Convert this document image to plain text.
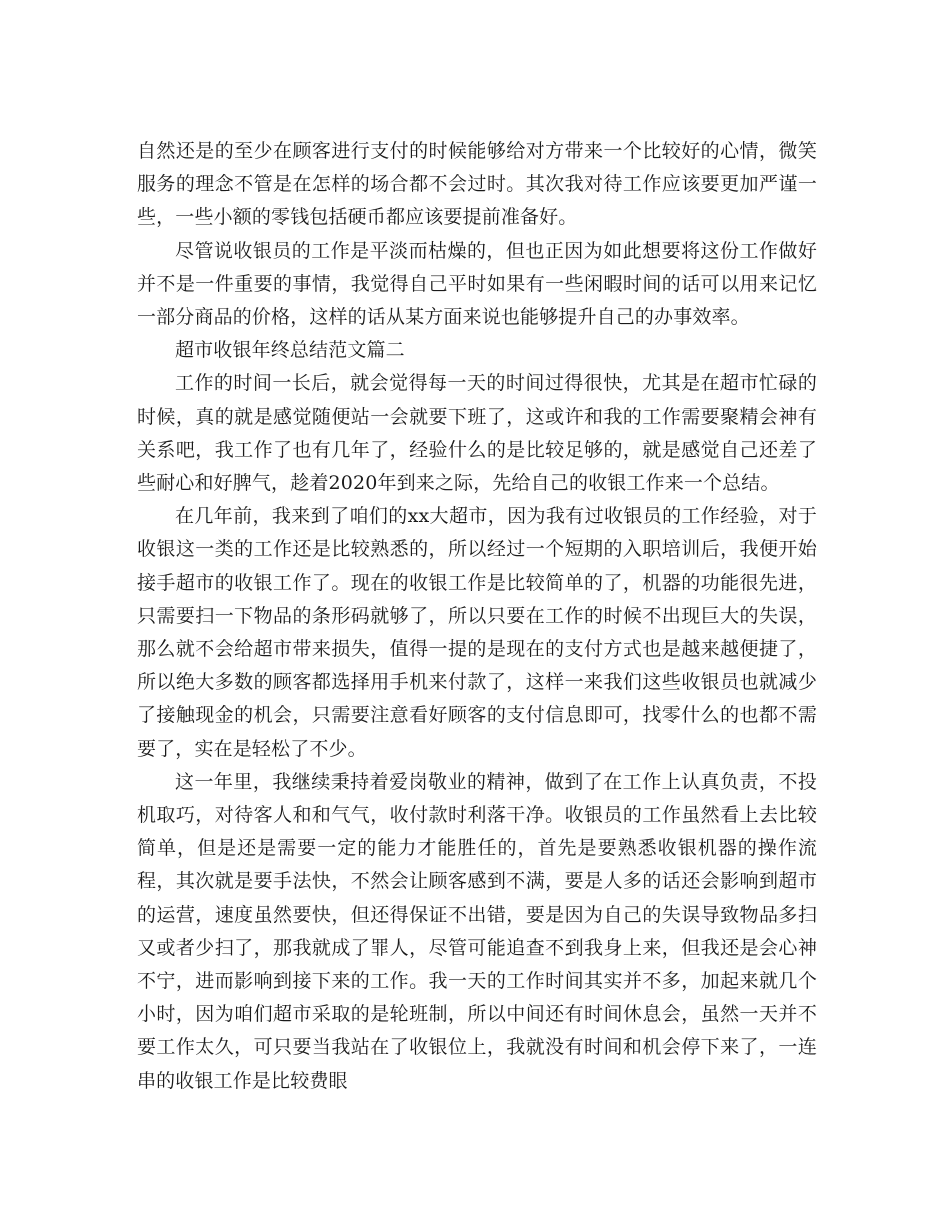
自然还是的至少在顾客进行支付的时候能够给对方带来一个比较好的心情，微笑服务的理念不管是在怎样的场合都不会过时。其次我对待工作应该要更加严谨一些，一些小额的零钱包括硬币都应该要提前准备好。

尽管说收银员的工作是平淡而枯燥的，但也正因为如此想要将这份工作做好并不是一件重要的事情，我觉得自己平时如果有一些闲暇时间的话可以用来记忆一部分商品的价格，这样的话从某方面来说也能够提升自己的办事效率。

超市收银年终总结范文篇二

工作的时间一长后，就会觉得每一天的时间过得很快，尤其是在超市忙碌的时候，真的就是感觉随便站一会就要下班了，这或许和我的工作需要聚精会神有关系吧，我工作了也有几年了，经验什么的是比较足够的，就是感觉自己还差了些耐心和好脾气，趁着2020年到来之际，先给自己的收银工作来一个总结。

在几年前，我来到了咱们的xx大超市，因为我有过收银员的工作经验，对于收银这一类的工作还是比较熟悉的，所以经过一个短期的入职培训后，我便开始接手超市的收银工作了。现在的收银工作是比较简单的了，机器的功能很先进，只需要扫一下物品的条形码就够了，所以只要在工作的时候不出现巨大的失误，那么就不会给超市带来损失，值得一提的是现在的支付方式也是越来越便捷了，所以绝大多数的顾客都选择用手机来付款了，这样一来我们这些收银员也就减少了接触现金的机会，只需要注意看好顾客的支付信息即可，找零什么的也都不需要了，实在是轻松了不少。

这一年里，我继续秉持着爱岗敬业的精神，做到了在工作上认真负责，不投机取巧，对待客人和和气气，收付款时利落干净。收银员的工作虽然看上去比较简单，但是还是需要一定的能力才能胜任的，首先是要熟悉收银机器的操作流程，其次就是要手法快，不然会让顾客感到不满，要是人多的话还会影响到超市的运营，速度虽然要快，但还得保证不出错，要是因为自己的失误导致物品多扫又或者少扫了，那我就成了罪人，尽管可能追查不到我身上来，但我还是会心神不宁，进而影响到接下来的工作。我一天的工作时间其实并不多，加起来就几个小时，因为咱们超市采取的是轮班制，所以中间还有时间休息会，虽然一天并不要工作太久，可只要当我站在了收银位上，我就没有时间和机会停下来了，一连串的收银工作是比较费眼
